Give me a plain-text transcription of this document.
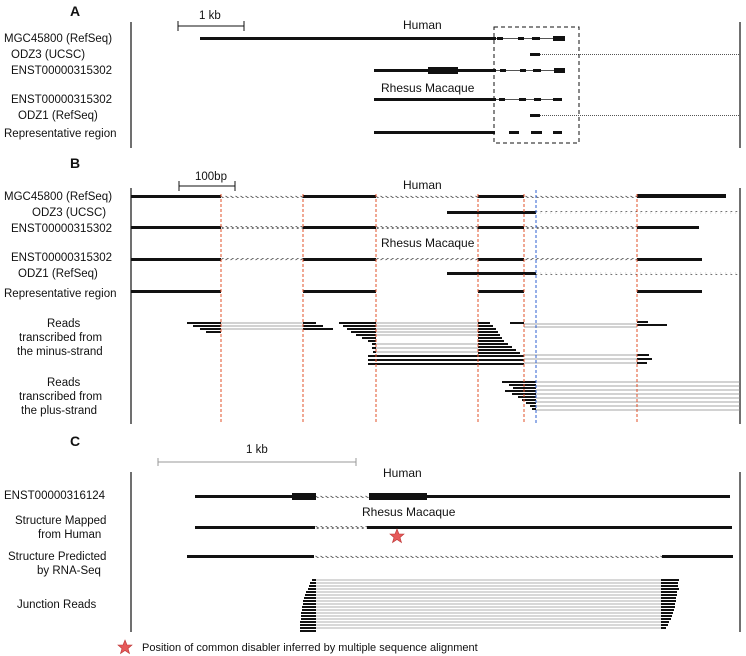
A	1 kb
Human
Rhesus Macaque
MGC45800 (RefSeq)
ODZ3 (UCSC)
ENST00000315302
ENST00000315302
ODZ1 (RefSeq)
Representative region
B
100bp
Human
Rhesus Macaque
MGC45800 (RefSeq)
ODZ3 (UCSC)
ENST00000315302
ENST00000315302
ODZ1 (RefSeq)
Representative region
Reads
transcribed from
the minus-strand
Reads
transcribed from
the plus-strand
C
1 kb
Human
Rhesus Macaque
ENST00000316124
Structure Mapped
from Human
Structure Predicted
by RNA-Seq
Junction Reads
Position of common disabler inferred by multiple sequence alignment
